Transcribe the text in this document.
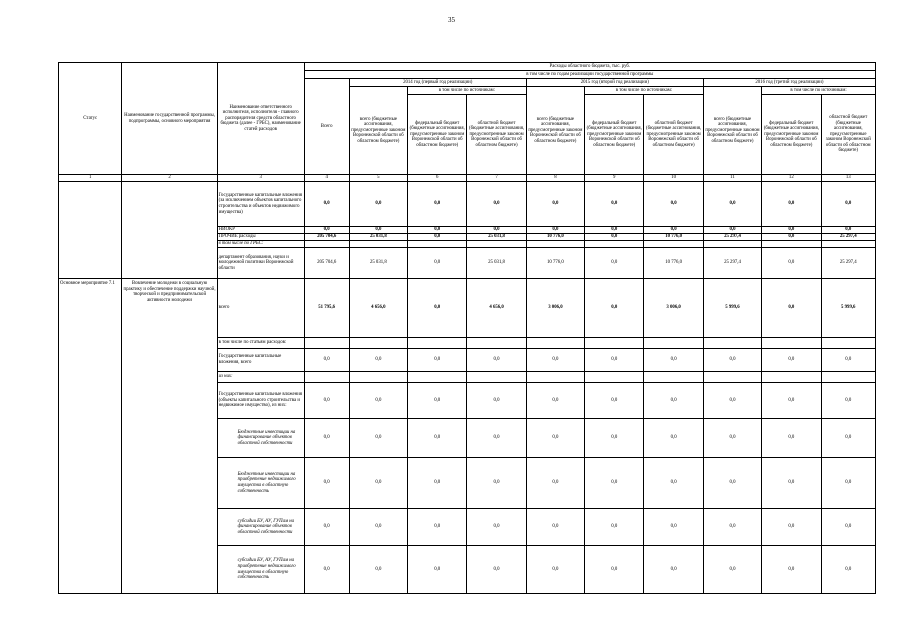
35
Статус	Наименование государственной программы, подпрограммы, основного мероприятия	Наименование ответственного исполнителя, исполнителя - главного распорядителя средств областного бюджета (далее - ГРБС), наименование статей расходов	Расходы областного бюджета, тыс. руб.									
			в том числе по годам реализации государственной программы									
			Всего	2014 год (первый год реализации)			2015 год (второй год реализации)			2016 год (третий год реализации)		
				всего (бюджетные ассигнования, предусмотренные законом Воронежской области об областном бюджете)	в том числе по источникам:		всего (бюджетные ассигнования, предусмотренные законом Воронежской области об областном бюджете)	в том числе по источникам:		всего (бюджетные ассигнования, предусмотренные законом Воронежской области об областном бюджете)	в том числе по источникам:	
					федеральный бюджет (бюджетные ассигнования, предусмотренные законом Воронежской области об областном бюджете)	областной бюджет (бюджетные ассигнования, предусмотренные законом Воронежской области об областном бюджете)		федеральный бюджет (бюджетные ассигнования, предусмотренные законом Воронежской области об областном бюджете)	областной бюджет (бюджетные ассигнования, предусмотренные законом Воронежской области об областном бюджете)		федеральный бюджет (бюджетные ассигнования, предусмотренные законом Воронежской области об областном бюджете)	областной бюджет (бюджетные ассигнования, предусмотренные законом Воронежской области об областном бюджете)
1	2	3	4	5	6	7	8	9	10	11	12	13
		Государственные капитальные вложения (за исключением объектов капитального строительства и объектов недвижимого имущества)	0,0	0,0	0,0	0,0	0,0	0,0	0,0	0,0	0,0	0,0
		НИОКР	0,0	0,0	0,0	0,0	0,0	0,0	0,0	0,0	0,0	0,0
		ПРОЧИЕ расходы	205 704,6	25 031,8	0,0	25 031,8	10 776,0	0,0	10 776,0	25 297,4	0,0	25 297,4
		в том числе по ГРБС:										
		департамент образования, науки и молодежной политики Воронежской области	205 704,6	25 031,8	0,0	25 031,8	10 776,0	0,0	10 776,0	25 297,4	0,0	25 297,4
Основное мероприятие 7.1	Вовлечение молодежи в социальную практику и обеспечение поддержки научной, творческой и предпринимательской активности молодежи	всего	51 795,6	4 656,0	0,0	4 656,0	3 006,0	0,0	3 006,0	5 999,6	0,0	5 999,6
		в том числе по статьям расходов:										
		Государственные капитальные вложения, всего	0,0	0,0	0,0	0,0	0,0	0,0	0,0	0,0	0,0	0,0
		из них:										
		Государственные капитальные вложения (объекты капитального строительства и недвижимое имущество), из них:	0,0	0,0	0,0	0,0	0,0	0,0	0,0	0,0	0,0	0,0
		Бюджетные инвестиции на финансирование объектов областной собственности	0,0	0,0	0,0	0,0	0,0	0,0	0,0	0,0	0,0	0,0
		Бюджетные инвестиции на приобретение недвижимого имущества в областную собственность	0,0	0,0	0,0	0,0	0,0	0,0	0,0	0,0	0,0	0,0
		субсидии БУ, АУ, ГУПам на финансирование объектов областной собственности	0,0	0,0	0,0	0,0	0,0	0,0	0,0	0,0	0,0	0,0
		субсидии БУ, АУ, ГУПам на приобретение недвижимого имущества в областную собственность	0,0	0,0	0,0	0,0	0,0	0,0	0,0	0,0	0,0	0,0
